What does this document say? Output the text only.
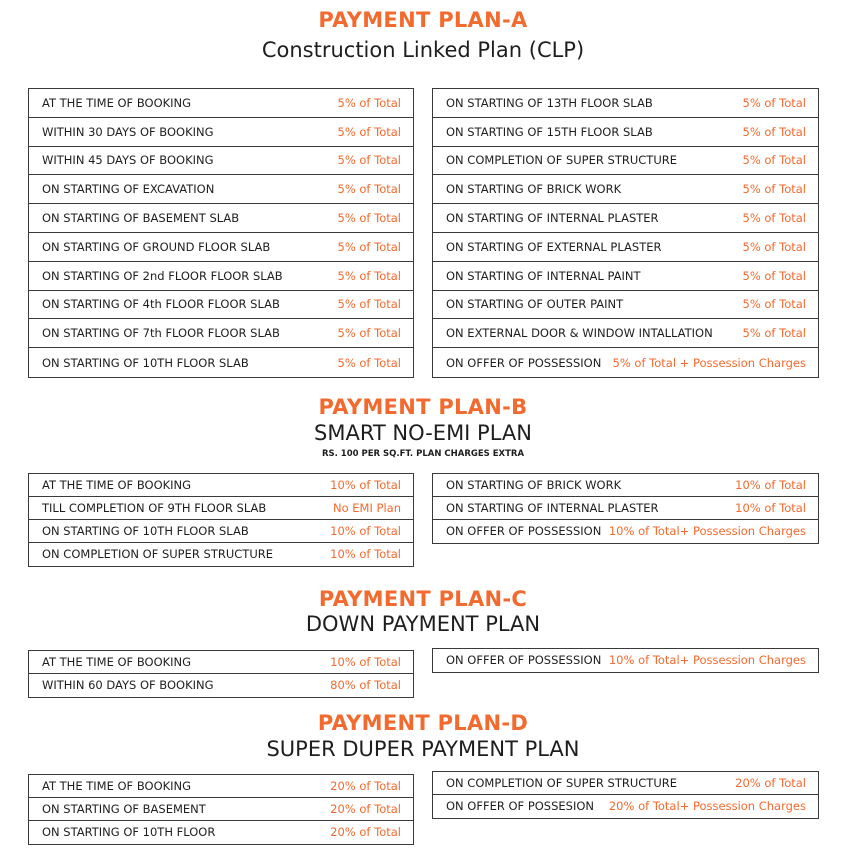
PAYMENT PLAN-A
Construction Linked Plan (CLP)
AT THE TIME OF BOOKING	5% of Total
WITHIN 30 DAYS OF BOOKING	5% of Total
WITHIN 45 DAYS OF BOOKING	5% of Total
ON STARTING OF EXCAVATION	5% of Total
ON STARTING OF BASEMENT SLAB	5% of Total
ON STARTING OF GROUND FLOOR SLAB	5% of Total
ON STARTING OF 2nd FLOOR FLOOR SLAB	5% of Total
ON STARTING OF 4th FLOOR FLOOR SLAB	5% of Total
ON STARTING OF 7th FLOOR FLOOR SLAB	5% of Total
ON STARTING OF 10TH FLOOR SLAB	5% of Total
ON STARTING OF 13TH FLOOR SLAB	5% of Total
ON STARTING OF 15TH FLOOR SLAB	5% of Total
ON COMPLETION OF SUPER STRUCTURE	5% of Total
ON STARTING OF BRICK WORK	5% of Total
ON STARTING OF INTERNAL PLASTER	5% of Total
ON STARTING OF EXTERNAL PLASTER	5% of Total
ON STARTING OF INTERNAL PAINT	5% of Total
ON STARTING OF OUTER PAINT	5% of Total
ON EXTERNAL DOOR & WINDOW INTALLATION	5% of Total
ON OFFER OF POSSESSION 5% of Total + Possession Charges
PAYMENT PLAN-B
SMART NO-EMI PLAN
RS. 100 PER SQ.FT. PLAN CHARGES EXTRA
AT THE TIME OF BOOKING	10% of Total
TILL COMPLETION OF 9TH FLOOR SLAB	No EMI Plan
ON STARTING OF 10TH FLOOR SLAB	10% of Total
ON COMPLETION OF SUPER STRUCTURE	10% of Total
ON STARTING OF BRICK WORK	10% of Total
ON STARTING OF INTERNAL PLASTER	10% of Total
ON OFFER OF POSSESSION 10% of Total+ Possession Charges
PAYMENT PLAN-C
DOWN PAYMENT PLAN
AT THE TIME OF BOOKING	10% of Total
WITHIN 60 DAYS OF BOOKING	80% of Total
ON OFFER OF POSSESSION 10% of Total+ Possession Charges
PAYMENT PLAN-D
SUPER DUPER PAYMENT PLAN
AT THE TIME OF BOOKING	20% of Total
ON STARTING OF BASEMENT	20% of Total
ON STARTING OF 10TH FLOOR	20% of Total
ON COMPLETION OF SUPER STRUCTURE	20% of Total
ON OFFER OF POSSESION 20% of Total+ Possession Charges
